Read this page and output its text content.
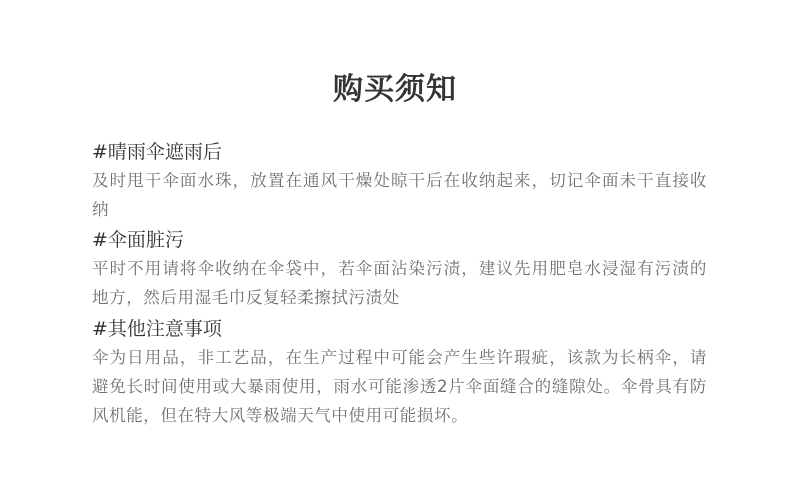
购买须知

#晴雨伞遮雨后

及时甩干伞面水珠，放置在通风干燥处晾干后在收纳起来，切记伞面未干直接收纳

#伞面脏污

平时不用请将伞收纳在伞袋中，若伞面沾染污渍，建议先用肥皂水浸湿有污渍的地方，然后用湿毛巾反复轻柔擦拭污渍处

#其他注意事项

伞为日用品，非工艺品，在生产过程中可能会产生些许瑕疵，该款为长柄伞，请避免长时间使用或大暴雨使用，雨水可能渗透2片伞面缝合的缝隙处。伞骨具有防风机能，但在特大风等极端天气中使用可能损坏。
